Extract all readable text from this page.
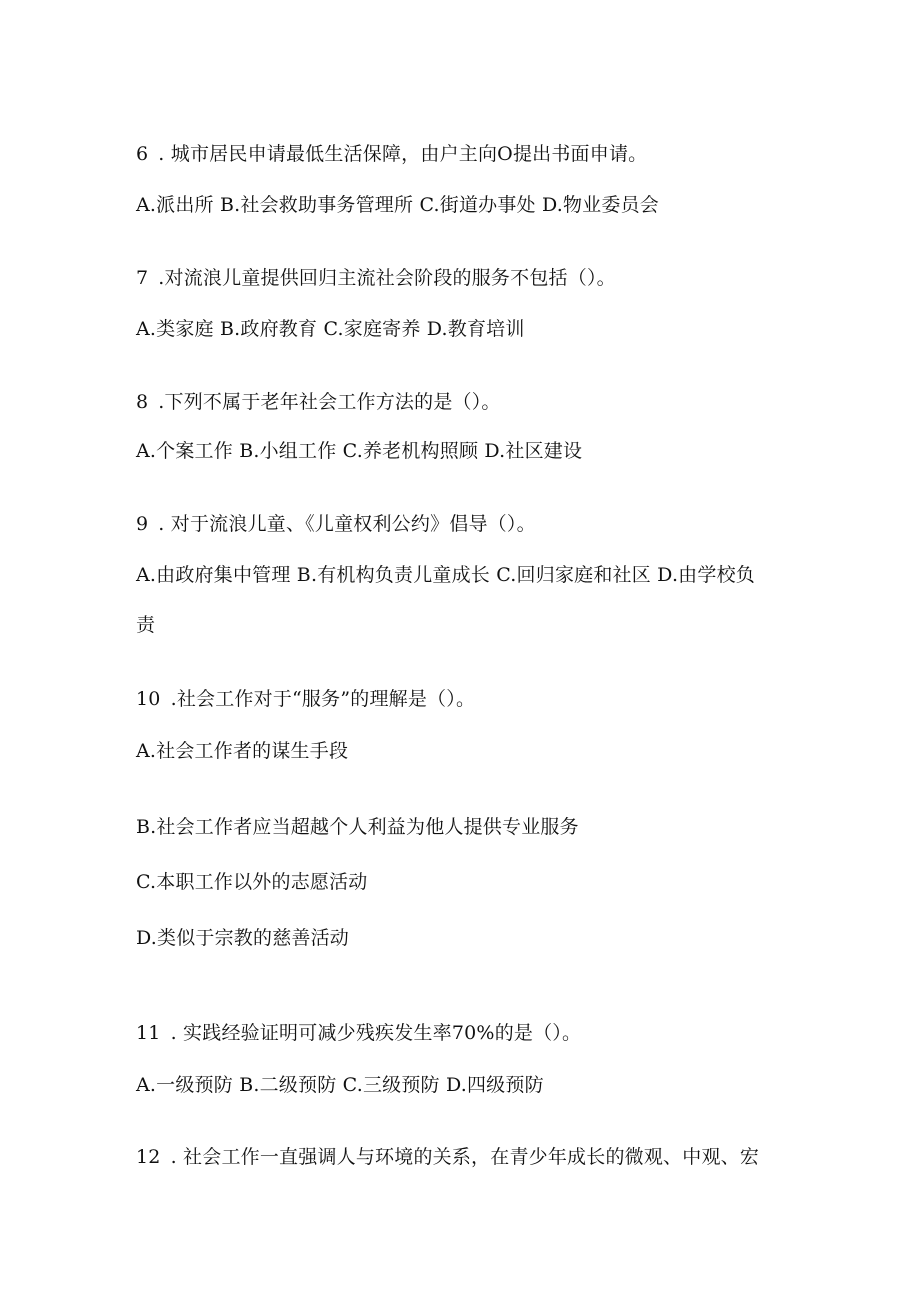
6 . 城市居民申请最低生活保障，由户主向O提出书面申请。
A.派出所 B.社会救助事务管理所 C.街道办事处 D.物业委员会
7 .对流浪儿童提供回归主流社会阶段的服务不包括（）。
A.类家庭 B.政府教育 C.家庭寄养 D.教育培训
8 .下列不属于老年社会工作方法的是（）。
A.个案工作 B.小组工作 C.养老机构照顾 D.社区建设
9 . 对于流浪儿童、《儿童权利公约》倡导（）。
A.由政府集中管理 B.有机构负责儿童成长 C.回归家庭和社区 D.由学校负
责
10 .社会工作对于“服务”的理解是（）。
A.社会工作者的谋生手段
B.社会工作者应当超越个人利益为他人提供专业服务
C.本职工作以外的志愿活动
D.类似于宗教的慈善活动
11 . 实践经验证明可减少残疾发生率70%的是（）。
A.一级预防 B.二级预防 C.三级预防 D.四级预防
12 . 社会工作一直强调人与环境的关系，在青少年成长的微观、中观、宏
